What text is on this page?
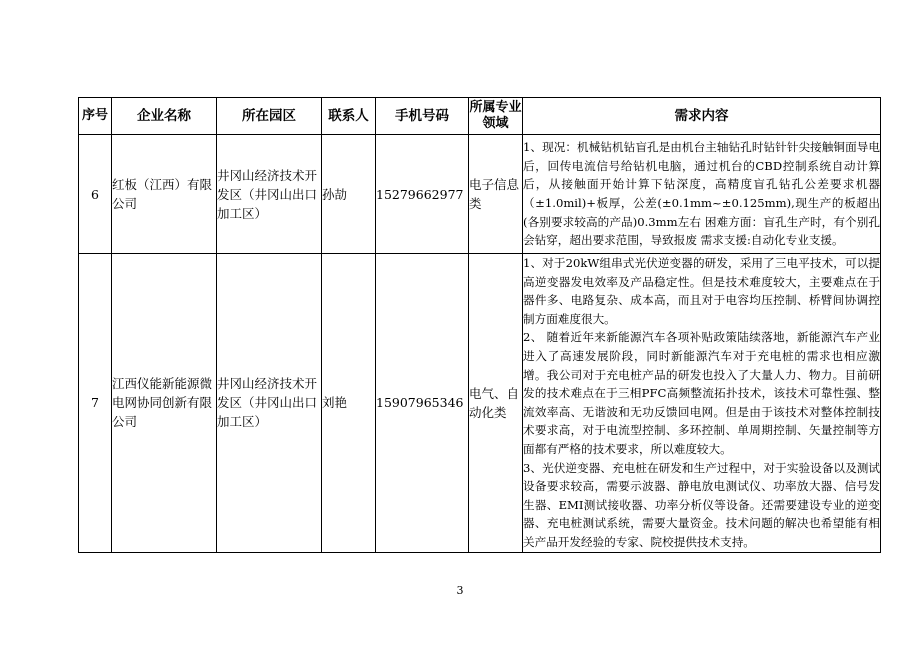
序号	企业名称	所在园区	联系人	手机号码	所属专业领域	需求内容
6	红板（江西）有限公司	井冈山经济技术开发区（井冈山出口加工区）	孙劼	15279662977	电子信息类	1、现况：机械钻机钻盲孔是由机台主轴钻孔时钻针针尖接触铜面导电后，回传电流信号给钻机电脑，通过机台的CBD控制系统自动计算后，从接触面开始计算下钻深度，高精度盲孔钻孔公差要求机器（±1.0mil)+板厚，公差(±0.1mm~±0.125mm),现生产的板超出(各别要求较高的产品)0.3mm左右 困难方面：盲孔生产时，有个别孔会钻穿，超出要求范围，导致报废 需求支援:自动化专业支援。

7	江西仪能新能源微电网协同创新有限公司	井冈山经济技术开发区（井冈山出口加工区）	刘艳	15907965346	电气、自动化类	1、对于20kW组串式光伏逆变器的研发，采用了三电平技术，可以提高逆变器发电效率及产品稳定性。但是技术难度较大，主要难点在于器件多、电路复杂、成本高，而且对于电容均压控制、桥臂间协调控制方面难度很大。

2、 随着近年来新能源汽车各项补贴政策陆续落地，新能源汽车产业进入了高速发展阶段，同时新能源汽车对于充电桩的需求也相应激增。我公司对于充电桩产品的研发也投入了大量人力、物力。目前研发的技术难点在于三相PFC高频整流拓扑技术，该技术可靠性强、整流效率高、无谐波和无功反馈回电网。但是由于该技术对整体控制技术要求高，对于电流型控制、多环控制、单周期控制、矢量控制等方面都有严格的技术要求，所以难度较大。

3、光伏逆变器、充电桩在研发和生产过程中，对于实验设备以及测试设备要求较高，需要示波器、静电放电测试仪、功率放大器、信号发生器、EMI测试接收器、功率分析仪等设备。还需要建设专业的逆变器、充电桩测试系统，需要大量资金。技术问题的解决也希望能有相关产品开发经验的专家、院校提供技术支持。

3
